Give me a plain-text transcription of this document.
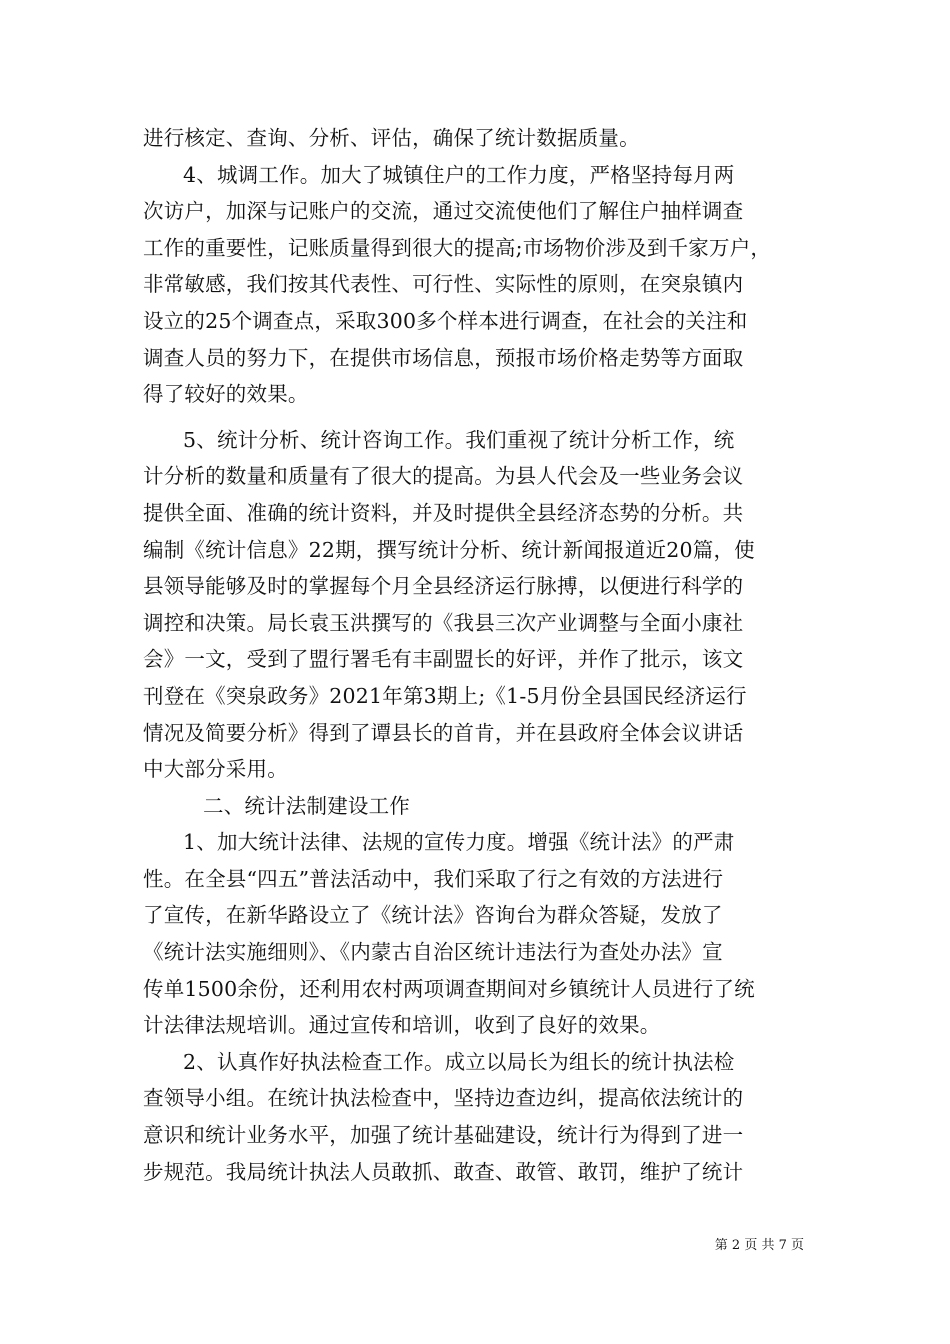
进行核定、查询、分析、评估，确保了统计数据质量。
4、城调工作。加大了城镇住户的工作力度，严格坚持每月两
次访户，加深与记账户的交流，通过交流使他们了解住户抽样调查
工作的重要性，记账质量得到很大的提高;市场物价涉及到千家万户，
非常敏感，我们按其代表性、可行性、实际性的原则，在突泉镇内
设立的25个调查点，采取300多个样本进行调查，在社会的关注和
调查人员的努力下，在提供市场信息，预报市场价格走势等方面取
得了较好的效果。
5、统计分析、统计咨询工作。我们重视了统计分析工作，统
计分析的数量和质量有了很大的提高。为县人代会及一些业务会议
提供全面、准确的统计资料，并及时提供全县经济态势的分析。共
编制《统计信息》22期，撰写统计分析、统计新闻报道近20篇，使
县领导能够及时的掌握每个月全县经济运行脉搏，以便进行科学的
调控和决策。局长袁玉洪撰写的《我县三次产业调整与全面小康社
会》一文，受到了盟行署毛有丰副盟长的好评，并作了批示，该文
刊登在《突泉政务》2021年第3期上;《1-5月份全县国民经济运行
情况及简要分析》得到了谭县长的首肯，并在县政府全体会议讲话
中大部分采用。
二、统计法制建设工作
1、加大统计法律、法规的宣传力度。增强《统计法》的严肃
性。在全县“四五”普法活动中，我们采取了行之有效的方法进行
了宣传，在新华路设立了《统计法》咨询台为群众答疑，发放了
《统计法实施细则》、《内蒙古自治区统计违法行为查处办法》宣
传单1500余份，还利用农村两项调查期间对乡镇统计人员进行了统
计法律法规培训。通过宣传和培训，收到了良好的效果。
2、认真作好执法检查工作。成立以局长为组长的统计执法检
查领导小组。在统计执法检查中，坚持边查边纠，提高依法统计的
意识和统计业务水平，加强了统计基础建设，统计行为得到了进一
步规范。我局统计执法人员敢抓、敢查、敢管、敢罚，维护了统计
第 2 页 共 7 页
